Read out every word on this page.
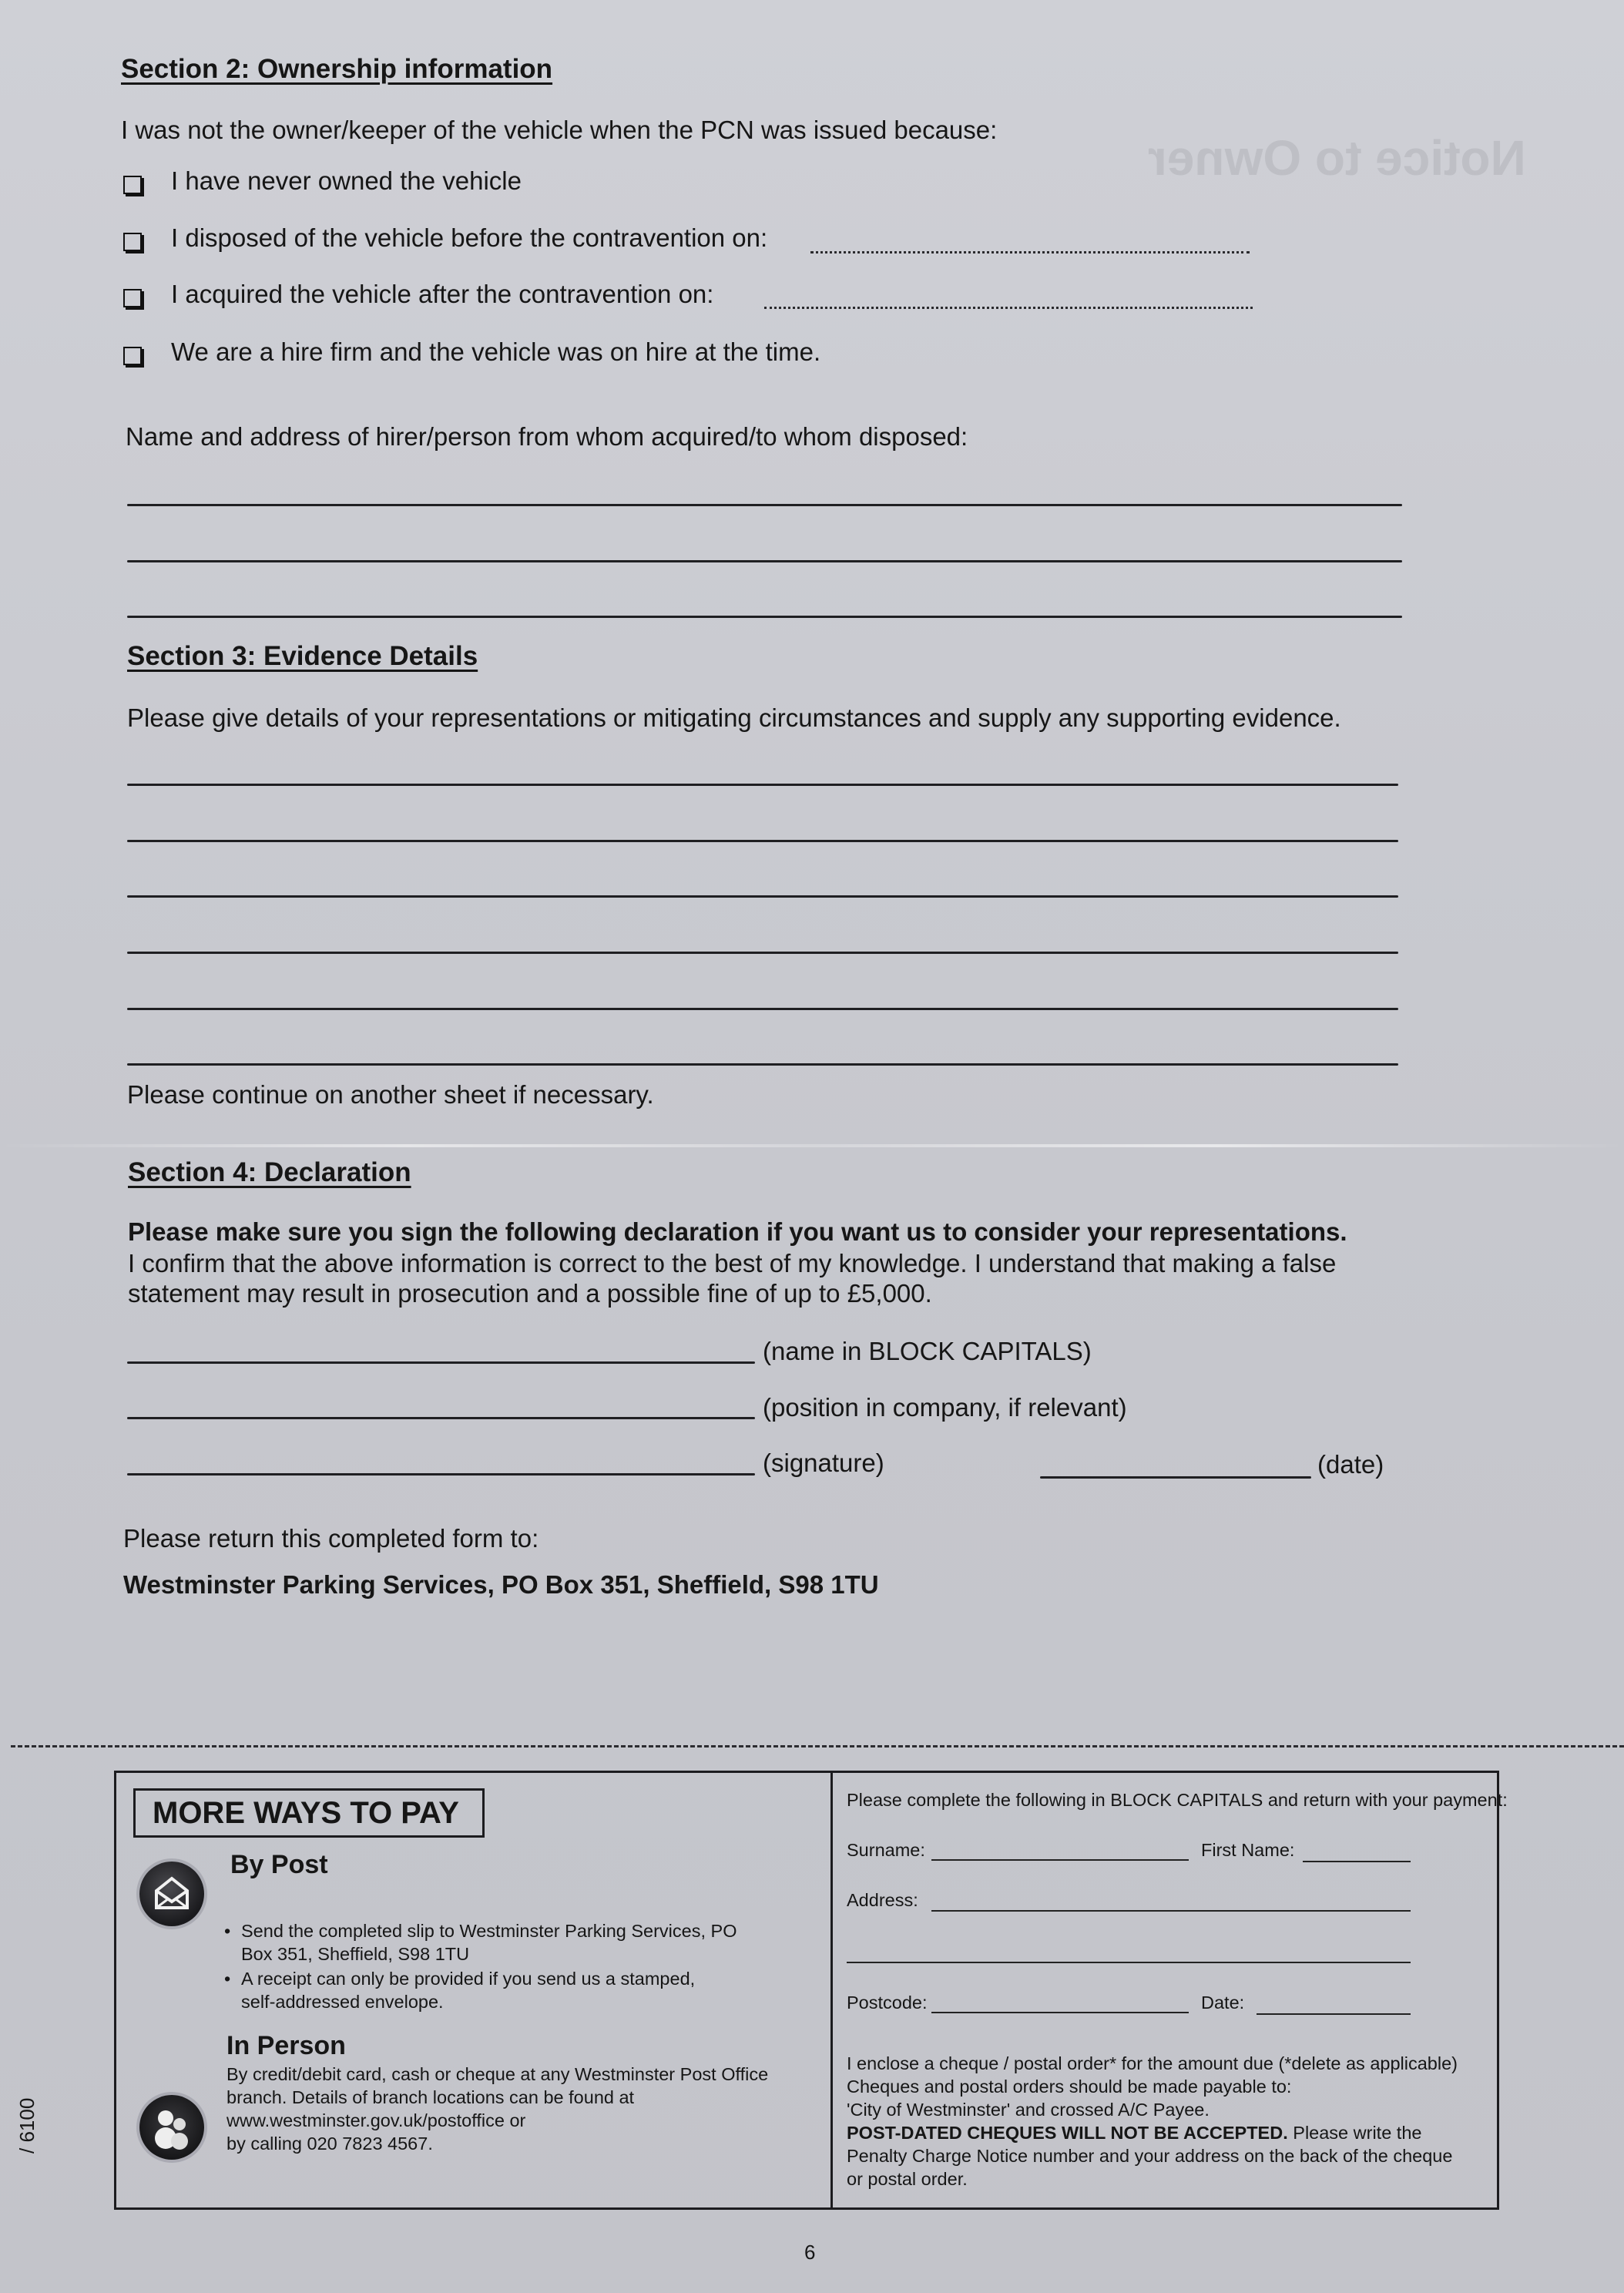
Notice to Owner
Section 2: Ownership information
I was not the owner/keeper of the vehicle when the PCN was issued because:
I have never owned the vehicle
I disposed of the vehicle before the contravention on:
I acquired the vehicle after the contravention on:
We are a hire firm and the vehicle was on hire at the time.
Name and address of hirer/person from whom acquired/to whom disposed:
Section 3: Evidence Details
Please give details of your representations or mitigating circumstances and supply any supporting evidence.
Please continue on another sheet if necessary.
Section 4: Declaration
Please make sure you sign the following declaration if you want us to consider your representations.
I confirm that the above information is correct to the best of my knowledge. I understand that making a false
statement may result in prosecution and a possible fine of up to £5,000.
(name in BLOCK CAPITALS)
(position in company, if relevant)
(signature)	(date)
Please return this completed form to:
Westminster Parking Services, PO Box 351, Sheffield, S98 1TU
MORE WAYS TO PAY
By Post
• Send the completed slip to Westminster Parking Services, PO
Box 351, Sheffield, S98 1TU
• A receipt can only be provided if you send us a stamped,
self-addressed envelope.
In Person
By credit/debit card, cash or cheque at any Westminster Post Office
branch. Details of branch locations can be found at
www.westminster.gov.uk/postoffice or
by calling 020 7823 4567.
Please complete the following in BLOCK CAPITALS and return with your payment:
Surname:	First Name:
Address:
Postcode:	Date:
I enclose a cheque / postal order* for the amount due (*delete as applicable)
Cheques and postal orders should be made payable to:
'City of Westminster' and crossed A/C Payee.
POST-DATED CHEQUES WILL NOT BE ACCEPTED. Please write the
Penalty Charge Notice number and your address on the back of the cheque
or postal order.
/ 6100
6
